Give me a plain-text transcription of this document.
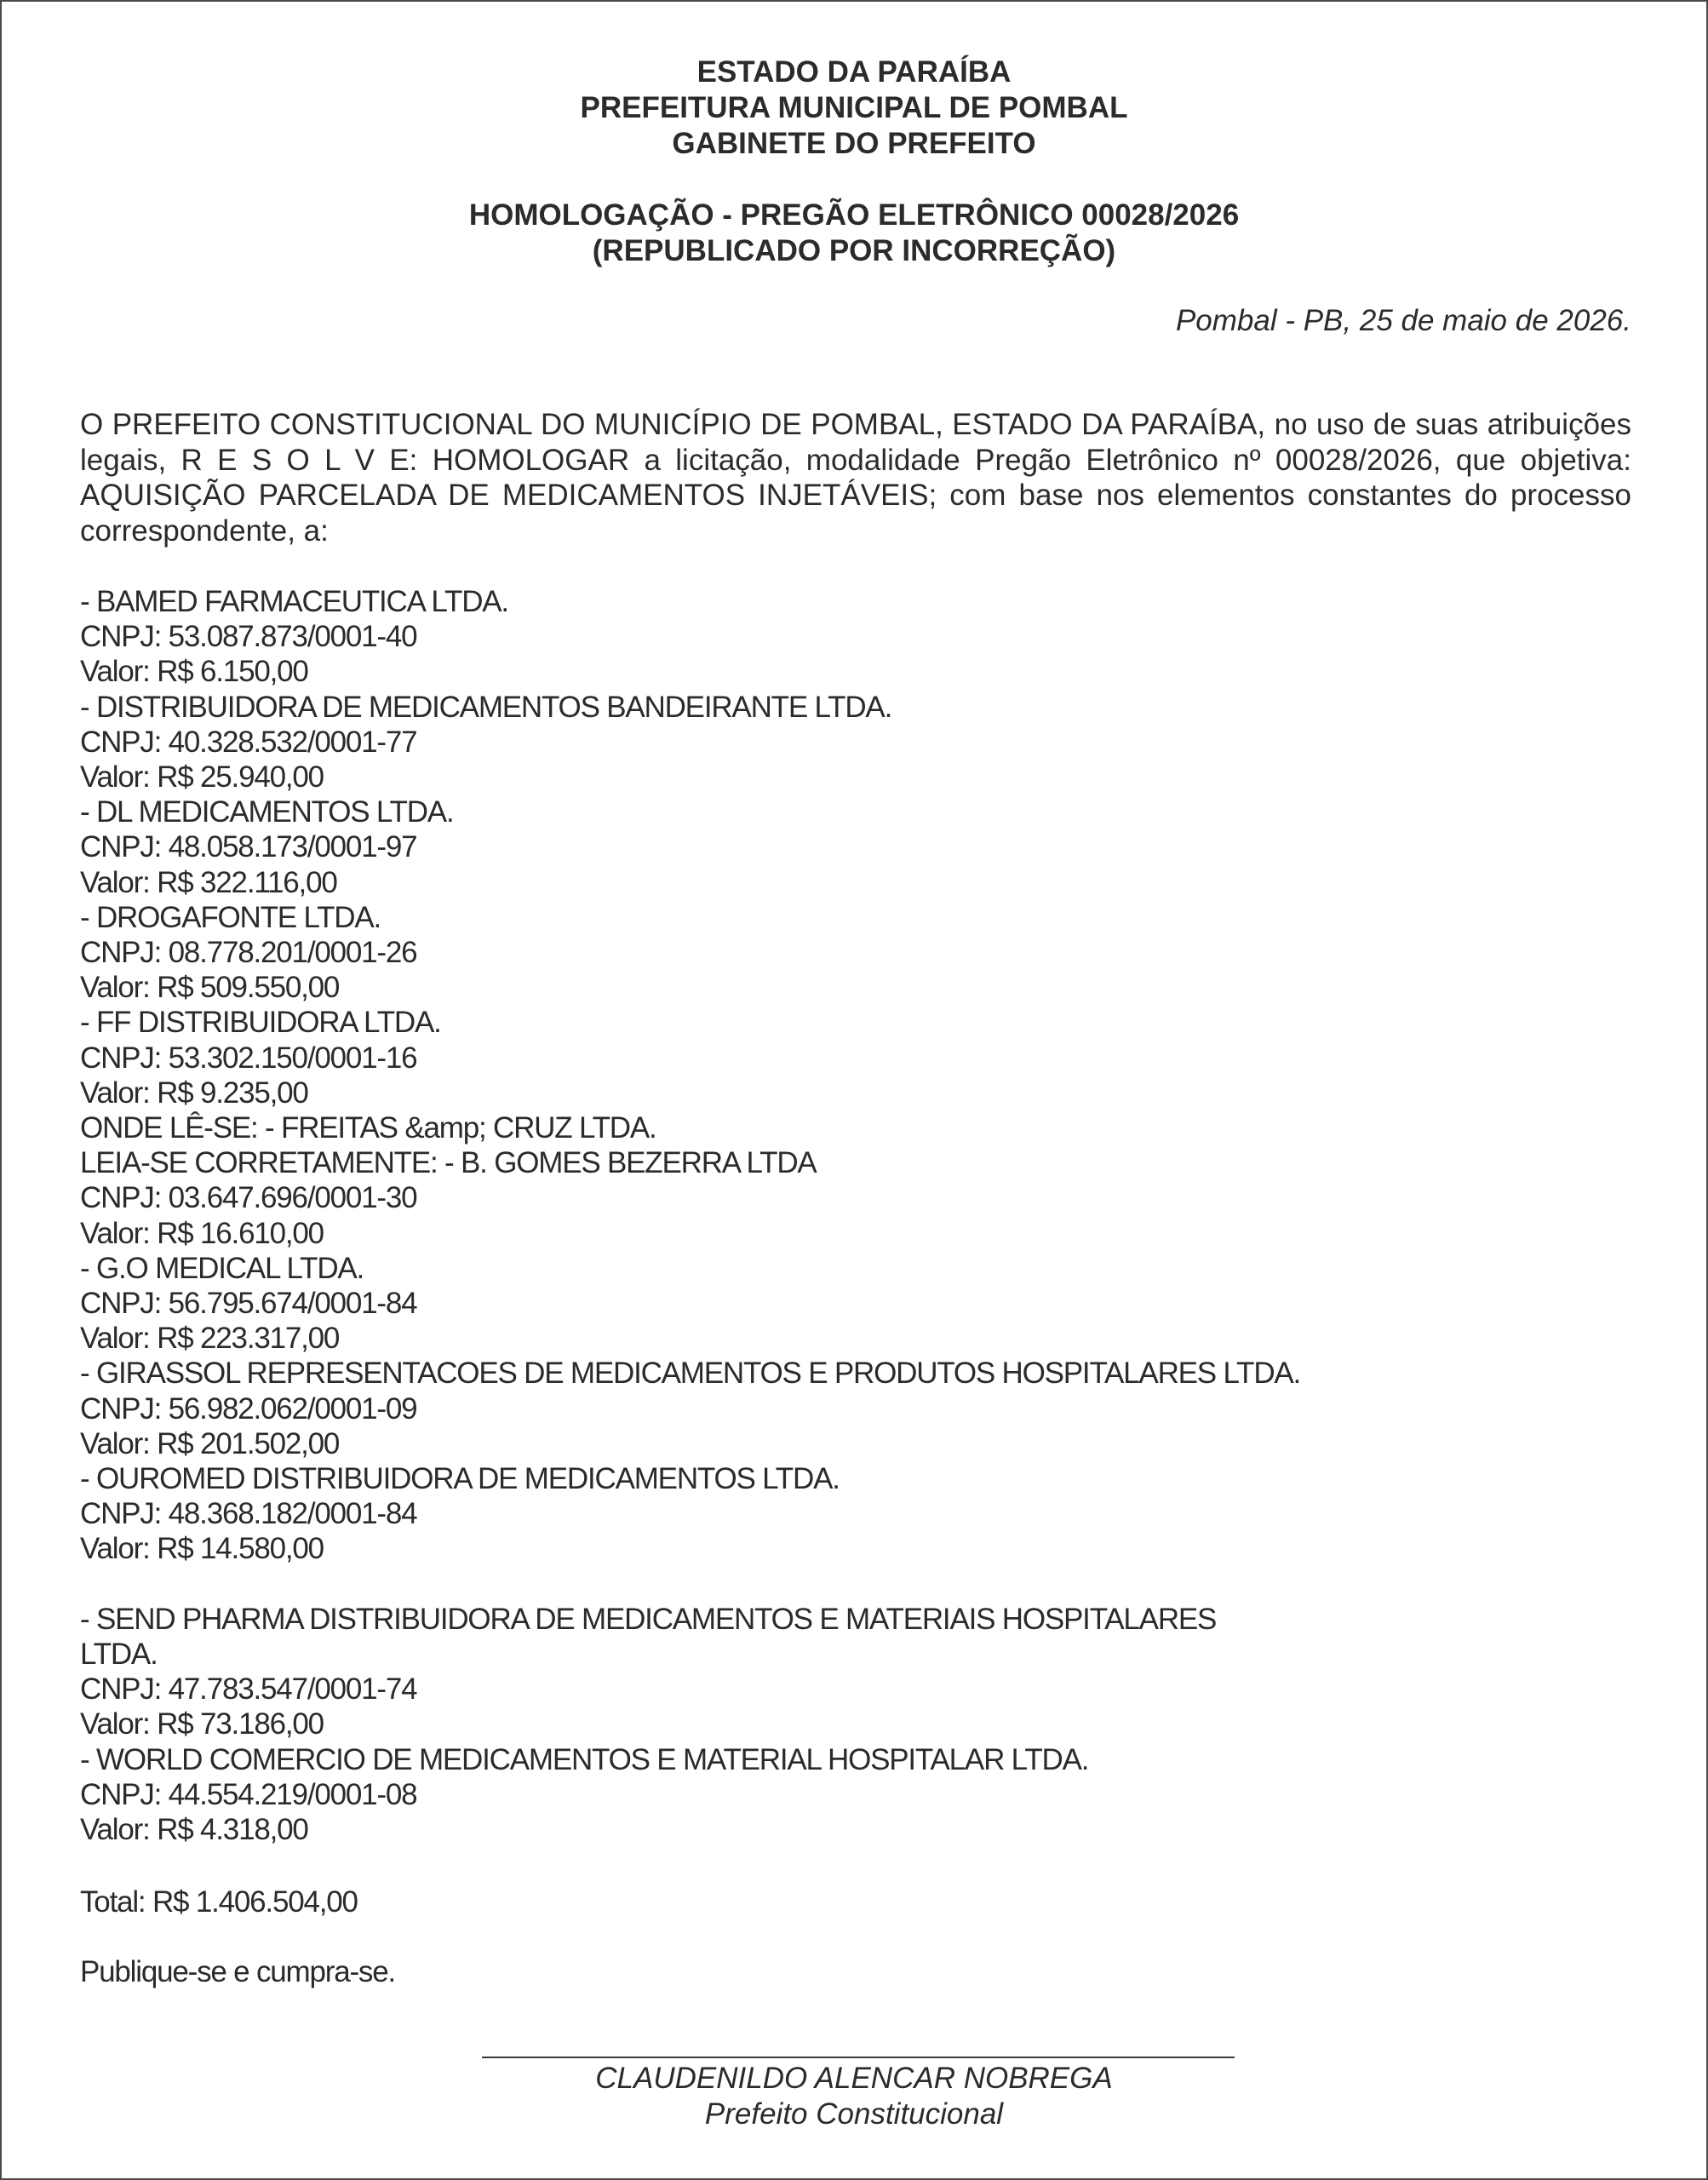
ESTADO DA PARAÍBA
PREFEITURA MUNICIPAL DE POMBAL
GABINETE DO PREFEITO
HOMOLOGAÇÃO - PREGÃO ELETRÔNICO 00028/2026
(REPUBLICADO POR INCORREÇÃO)
Pombal - PB, 25 de maio de 2026.
O PREFEITO CONSTITUCIONAL DO MUNICÍPIO DE POMBAL, ESTADO DA PARAÍBA, no uso de suas atribuições legais, R E S O L V E: HOMOLOGAR a licitação, modalidade Pregão Eletrônico nº 00028/2026, que objetiva: AQUISIÇÃO PARCELADA DE MEDICAMENTOS INJETÁVEIS; com base nos elementos constantes do processo correspondente, a:
- BAMED FARMACEUTICA LTDA.
CNPJ: 53.087.873/0001-40
Valor: R$ 6.150,00
- DISTRIBUIDORA DE MEDICAMENTOS BANDEIRANTE LTDA.
CNPJ: 40.328.532/0001-77
Valor: R$ 25.940,00
- DL MEDICAMENTOS LTDA.
CNPJ: 48.058.173/0001-97
Valor: R$ 322.116,00
- DROGAFONTE LTDA.
CNPJ: 08.778.201/0001-26
Valor: R$ 509.550,00
- FF DISTRIBUIDORA LTDA.
CNPJ: 53.302.150/0001-16
Valor: R$ 9.235,00
ONDE LÊ-SE: - FREITAS &amp; CRUZ LTDA.
LEIA-SE CORRETAMENTE: - B. GOMES BEZERRA LTDA
CNPJ: 03.647.696/0001-30
Valor: R$ 16.610,00
- G.O MEDICAL LTDA.
CNPJ: 56.795.674/0001-84
Valor: R$ 223.317,00
- GIRASSOL REPRESENTACOES DE MEDICAMENTOS E PRODUTOS HOSPITALARES LTDA.
CNPJ: 56.982.062/0001-09
Valor: R$ 201.502,00
- OUROMED DISTRIBUIDORA DE MEDICAMENTOS LTDA.
CNPJ: 48.368.182/0001-84
Valor: R$ 14.580,00
- SEND PHARMA DISTRIBUIDORA DE MEDICAMENTOS E MATERIAIS HOSPITALARES
LTDA.
CNPJ: 47.783.547/0001-74
Valor: R$ 73.186,00
- WORLD COMERCIO DE MEDICAMENTOS E MATERIAL HOSPITALAR LTDA.
CNPJ: 44.554.219/0001-08
Valor: R$ 4.318,00
Total: R$ 1.406.504,00
Publique-se e cumpra-se.
CLAUDENILDO ALENCAR NOBREGA
Prefeito Constitucional
